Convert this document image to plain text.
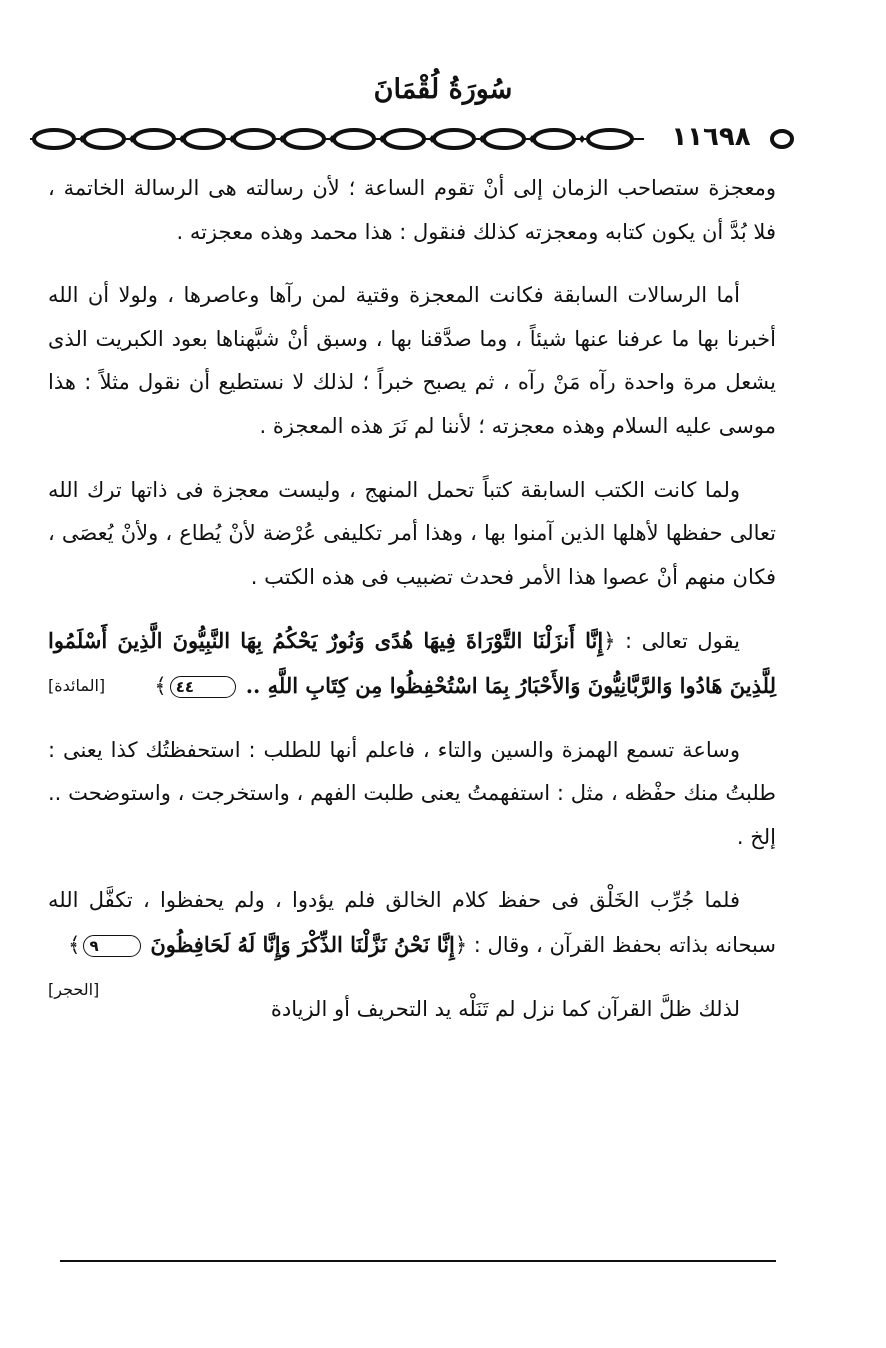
سُورَةُ لُقْمَانَ
١١٦٩٨

ومعجزة ستصاحب الزمان إلى أنْ تقوم الساعة ؛ لأن رسالته هى الرسالة الخاتمة ، فلا بُدَّ أن يكون كتابه ومعجزته كذلك فنقول : هذا محمد وهذه معجزته .

أما الرسالات السابقة فكانت المعجزة وقتية لمن رآها وعاصرها ، ولولا أن الله أخبرنا بها ما عرفنا عنها شيئاً ، وما صدَّقنا بها ، وسبق أنْ شبَّهناها بعود الكبريت الذى يشعل مرة واحدة رآه مَنْ رآه ، ثم يصبح خبراً ؛ لذلك لا نستطيع أن نقول مثلاً : هذا موسى عليه السلام وهذه معجزته ؛ لأننا لم نَرَ هذه المعجزة .

ولما كانت الكتب السابقة كتباً تحمل المنهج ، وليست معجزة فى ذاتها ترك الله تعالى حفظها لأهلها الذين آمنوا بها ، وهذا أمر تكليفى عُرْضة لأنْ يُطاع ، ولأنْ يُعصَى ، فكان منهم أنْ عصوا هذا الأمر فحدث تضبيب فى هذه الكتب .

يقول تعالى : ﴿إِنَّا أَنزَلْنَا التَّوْرَاةَ فِيهَا هُدًى وَنُورٌ يَحْكُمُ بِهَا النَّبِيُّونَ الَّذِينَ أَسْلَمُوا لِلَّذِينَ هَادُوا وَالرَّبَّانِيُّونَ وَالأَحْبَارُ بِمَا اسْتُحْفِظُوا مِن كِتَابِ اللَّهِ .. ٤٤﴾
[المائدة]

وساعة تسمع الهمزة والسين والتاء ، فاعلم أنها للطلب : استحفظتُك كذا يعنى : طلبتُ منك حفْظه ، مثل : استفهمتُ يعنى طلبت الفهم ، واستخرجت ، واستوضحت .. إلخ .

فلما جُرِّب الخَلْق فى حفظ كلام الخالق فلم يؤدوا ، ولم يحفظوا ، تكفَّل الله سبحانه بذاته بحفظ القرآن ، وقال : ﴿إِنَّا نَحْنُ نَزَّلْنَا الذِّكْرَ وَإِنَّا لَهُ لَحَافِظُونَ ٩﴾
[الحجر]

لذلك ظلَّ القرآن كما نزل لم تَنَلْه يد التحريف أو الزيادة
